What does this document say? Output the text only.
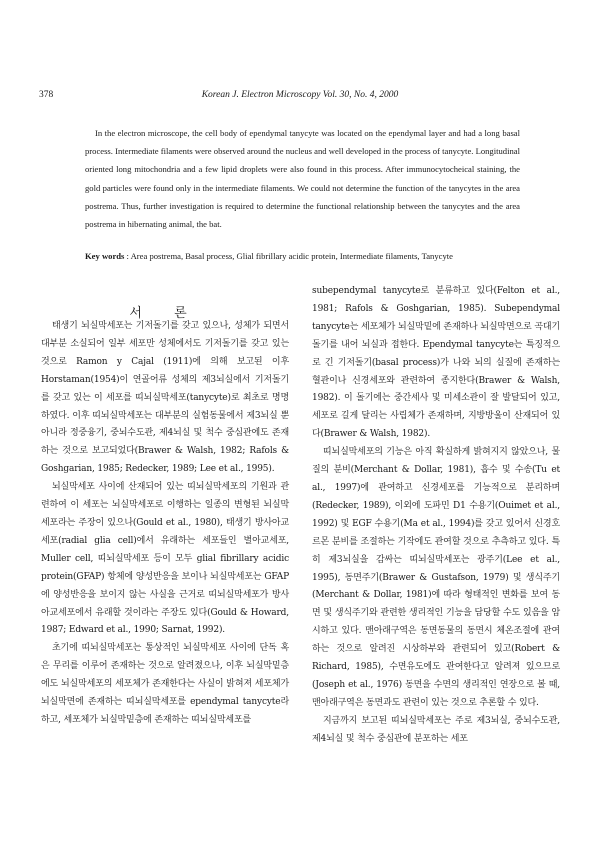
378	Korean J. Electron Microscopy Vol. 30, No. 4, 2000

In the electron microscope, the cell body of ependymal tanycyte was located on the ependymal layer and had a long basal process. Intermediate filaments were observed around the nucleus and well developed in the process of tanycyte. Longitudinal oriented long mitochondria and a few lipid droplets were also found in this process. After immunocytocheical staining, the gold particles were found only in the intermediate filaments. We could not determine the function of the tanycytes in the area postrema. Thus, further investigation is required to determine the functional relationship between the tanycytes and the area postrema in hibernating animal, the bat.

Key words : Area postrema, Basal process, Glial fibrillary acidic protein, Intermediate filaments, Tanycyte
서 론

태생기 뇌실막세포는 기저돌기를 갖고 있으나, 성체가 되면서 대부분 소실되어 일부 세포만 성체에서도 기저돌기를 갖고 있는 것으로 Ramon y Cajal (1911)에 의해 보고된 이후 Horstaman(1954)이 연골어류 성체의 제3뇌실에서 기저돌기를 갖고 있는 이 세포를 띠뇌실막세포(tanycyte)로 최초로 명명하였다. 이후 띠뇌실막세포는 대부분의 실험동물에서 제3뇌실 뿐 아니라 정중융기, 중뇌수도관, 제4뇌실 및 척수 중심관에도 존재하는 것으로 보고되었다(Brawer & Walsh, 1982; Rafols & Goshgarian, 1985; Redecker, 1989; Lee et al., 1995).

뇌실막세포 사이에 산재되어 있는 띠뇌실막세포의 기원과 관련하여 이 세포는 뇌실막세포로 이행하는 일종의 변형된 뇌실막세포라는 주장이 있으나(Gould et al., 1980), 태생기 방사아교세포(radial glia cell)에서 유래하는 세포들인 별아교세포, Muller cell, 띠뇌실막세포 등이 모두 glial fibrillary acidic protein(GFAP) 항체에 양성반응을 보이나 뇌실막세포는 GFAP에 양성반응을 보이지 않는 사실을 근거로 띠뇌실막세포가 방사아교세포에서 유래할 것이라는 주장도 있다(Gould & Howard, 1987; Edward et al., 1990; Sarnat, 1992).

초기에 띠뇌실막세포는 통상적인 뇌실막세포 사이에 단독 혹은 무리를 이루어 존재하는 것으로 알려졌으나, 이후 뇌실막밑층에도 뇌실막세포의 세포체가 존재한다는 사실이 밝혀져 세포체가 뇌실막면에 존재하는 띠뇌실막세포를 ependymal tanycyte라 하고, 세포체가 뇌실막밑층에 존재하는 띠뇌실막세포를

subependymal tanycyte로 분류하고 있다(Felton et al., 1981; Rafols & Goshgarian, 1985). Subependymal tanycyte는 세포체가 뇌실막밑에 존재하나 뇌실막면으로 곡대기 돌기를 내어 뇌실과 접한다. Ependymal tanycyte는 특징적으로 긴 기저돌기(basal process)가 나와 뇌의 실질에 존재하는 혈관이나 신경세포와 관련하여 종지한다(Brawer & Walsh, 1982). 이 돌기에는 중간세사 및 미세소관이 잘 발달되어 있고, 세포로 길게 달리는 사립체가 존재하며, 지방방울이 산재되어 있다(Brawer & Walsh, 1982).

띠뇌실막세포의 기능은 아직 확실하게 밝혀지지 않았으나, 물질의 분비(Merchant & Dollar, 1981), 흡수 및 수송(Tu et al., 1997)에 관여하고 신경세포를 기능적으로 분리하며(Redecker, 1989), 이외에 도파민 D1 수용기(Ouimet et al., 1992) 및 EGF 수용기(Ma et al., 1994)를 갖고 있어서 신경호르몬 분비를 조절하는 기작에도 관여할 것으로 추측하고 있다. 특히 제3뇌실을 감싸는 띠뇌실막세포는 광주기(Lee et al., 1995), 동면주기(Brawer & Gustafson, 1979) 및 생식주기(Merchant & Dollar, 1981)에 따라 형태적인 변화를 보여 동면 및 생식주기와 관련한 생리적인 기능을 담당할 수도 있음을 암시하고 있다. 맨아래구역은 동면동물의 동면시 체온조절에 관여하는 것으로 알려진 시상하부와 관련되어 있고(Robert & Richard, 1985), 수면유도에도 관여한다고 알려져 있으므로(Joseph et al., 1976) 동면을 수면의 생리적인 연장으로 볼 때, 맨아래구역은 동면과도 관련이 있는 것으로 추론할 수 있다.

지금까지 보고된 띠뇌실막세포는 주로 제3뇌실, 중뇌수도관, 제4뇌실 및 척수 중심관에 분포하는 세포
